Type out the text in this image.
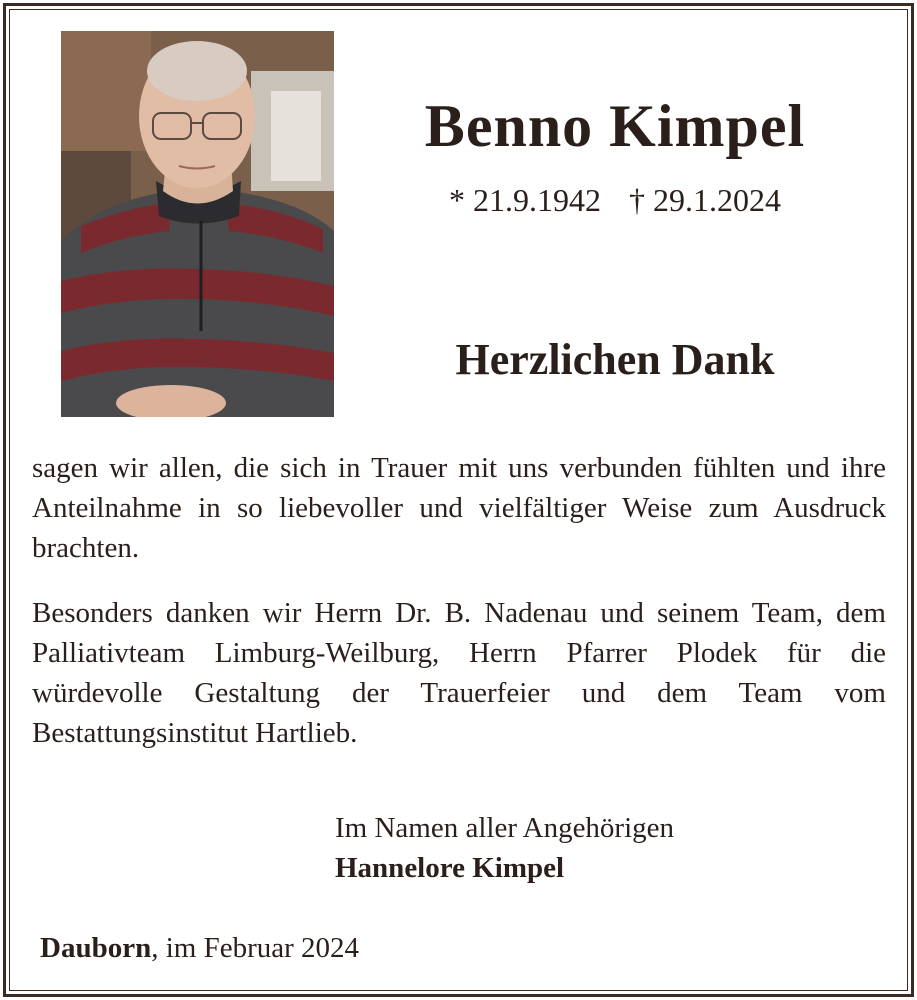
Benno Kimpel
* 21.9.1942 † 29.1.2024
Herzlichen Dank
sagen wir allen, die sich in Trauer mit uns verbunden fühlten und ihre Anteilnahme in so liebevoller und vielfältiger Weise zum Ausdruck brachten.
Besonders danken wir Herrn Dr. B. Nadenau und seinem Team, dem Palliativteam Limburg-Weilburg, Herrn Pfarrer Plodek für die würdevolle Gestaltung der Trauerfeier und dem Team vom Bestattungsinstitut Hartlieb.
Im Namen aller Angehörigen
Hannelore Kimpel
Dauborn, im Februar 2024
